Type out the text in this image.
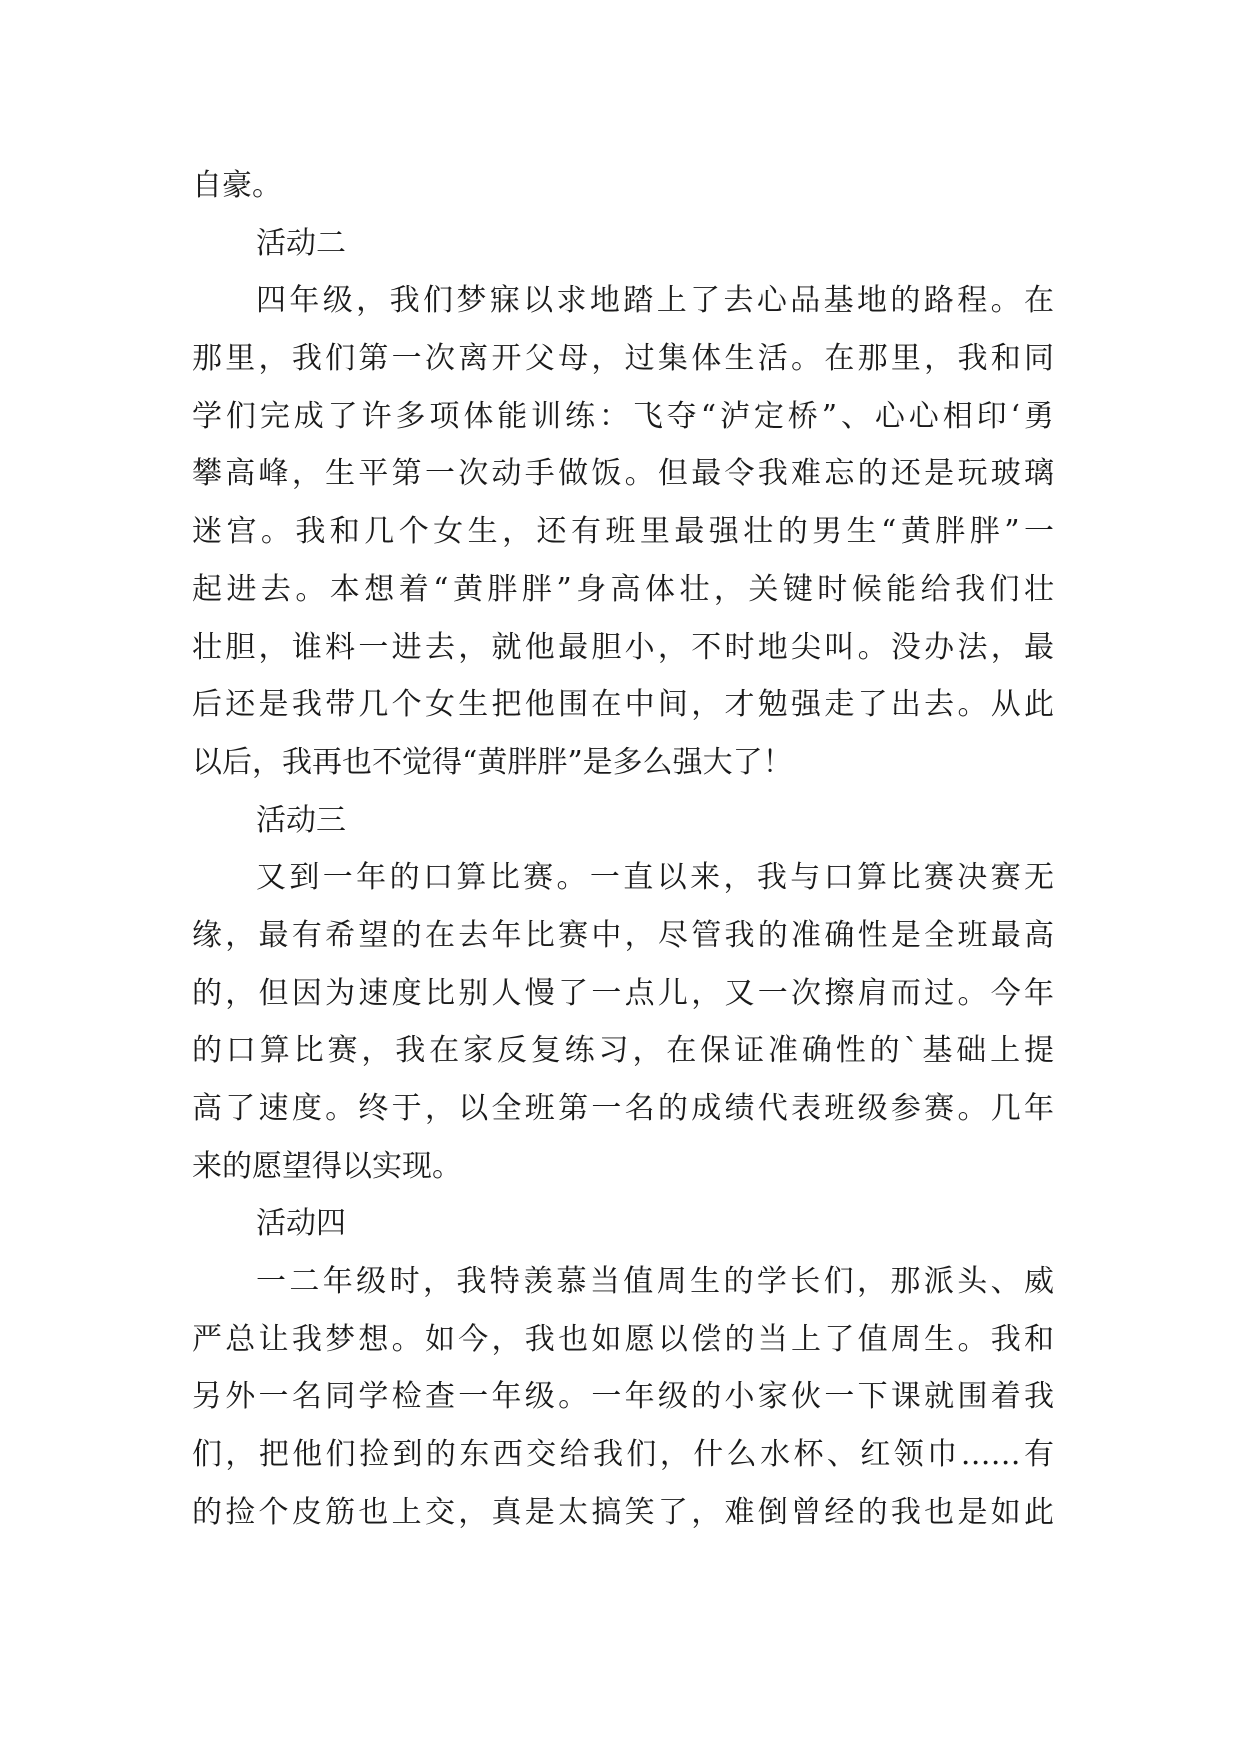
自豪。
活动二
四年级，我们梦寐以求地踏上了去心品基地的路程。在
那里，我们第一次离开父母，过集体生活。在那里，我和同
学们完成了许多项体能训练：飞夺“泸定桥”、心心相印‘勇
攀高峰，生平第一次动手做饭。但最令我难忘的还是玩玻璃
迷宫。我和几个女生，还有班里最强壮的男生“黄胖胖”一
起进去。本想着“黄胖胖”身高体壮，关键时候能给我们壮
壮胆，谁料一进去，就他最胆小，不时地尖叫。没办法，最
后还是我带几个女生把他围在中间，才勉强走了出去。从此
以后，我再也不觉得“黄胖胖”是多么强大了！
活动三
又到一年的口算比赛。一直以来，我与口算比赛决赛无
缘，最有希望的在去年比赛中，尽管我的准确性是全班最高
的，但因为速度比别人慢了一点儿，又一次擦肩而过。今年
的口算比赛，我在家反复练习，在保证准确性的`基础上提
高了速度。终于，以全班第一名的成绩代表班级参赛。几年
来的愿望得以实现。
活动四
一二年级时，我特羡慕当值周生的学长们，那派头、威
严总让我梦想。如今，我也如愿以偿的当上了值周生。我和
另外一名同学检查一年级。一年级的小家伙一下课就围着我
们，把他们捡到的东西交给我们，什么水杯、红领巾……有
的捡个皮筋也上交，真是太搞笑了，难倒曾经的我也是如此
